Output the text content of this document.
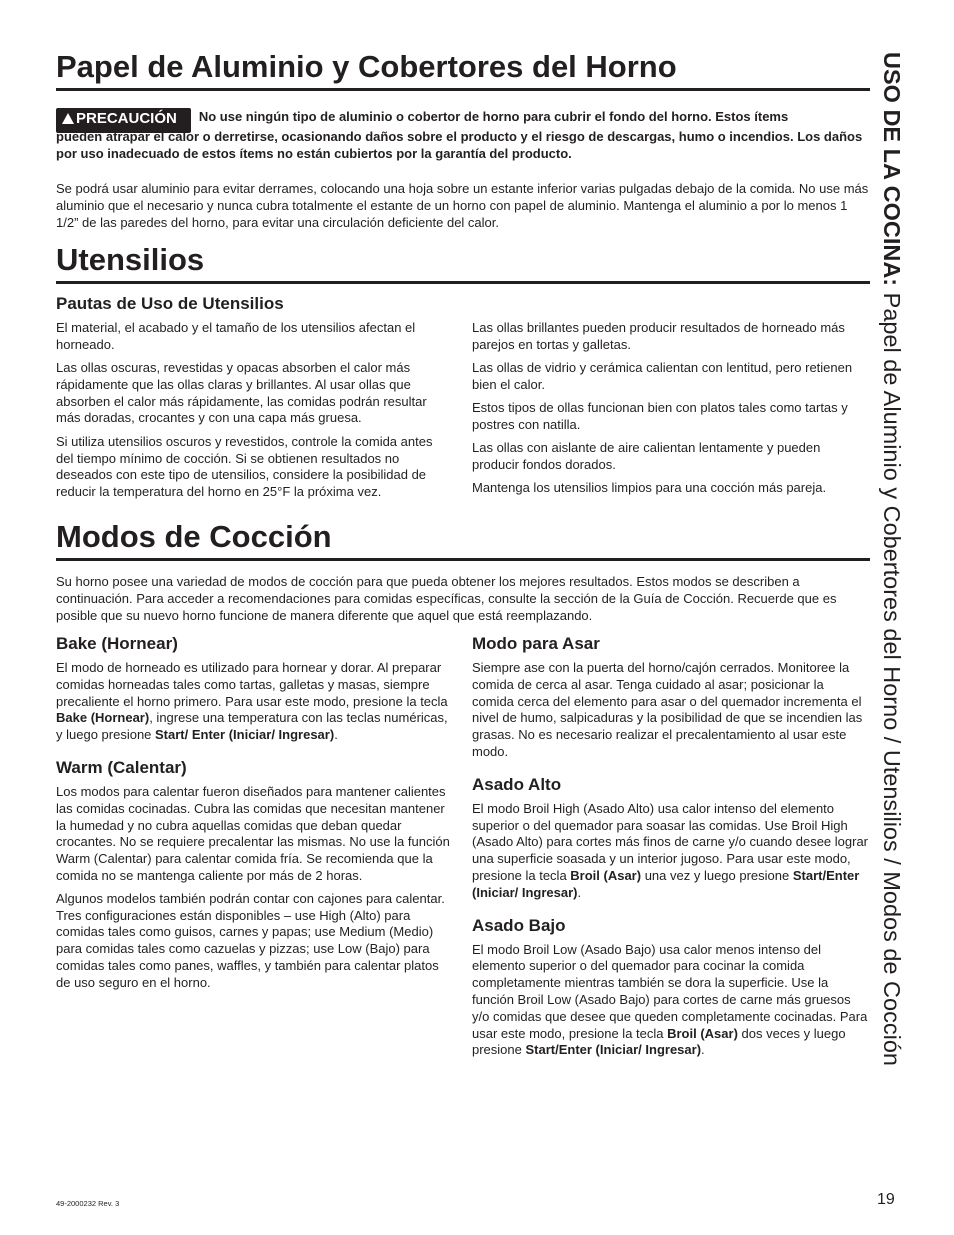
Papel de Aluminio y Cobertores del Horno
PRECAUCIÓN No use ningún tipo de aluminio o cobertor de horno para cubrir el fondo del horno. Estos ítems

pueden atrapar el calor o derretirse, ocasionando daños sobre el producto y el riesgo de descargas, humo o incendios. Los daños por uso inadecuado de estos ítems no están cubiertos por la garantía del producto.

Se podrá usar aluminio para evitar derrames, colocando una hoja sobre un estante inferior varias pulgadas debajo de la comida. No use más aluminio que el necesario y nunca cubra totalmente el estante de un horno con papel de aluminio. Mantenga el aluminio a por lo menos 1 1/2” de las paredes del horno, para evitar una circulación deficiente del calor.

Utensilios
Pautas de Uso de Utensilios

El material, el acabado y el tamaño de los utensilios afectan el horneado.

Las ollas oscuras, revestidas y opacas absorben el calor más rápidamente que las ollas claras y brillantes. Al usar ollas que absorben el calor más rápidamente, las comidas podrán resultar más doradas, crocantes y con una capa más gruesa.

Si utiliza utensilios oscuros y revestidos, controle la comida antes del tiempo mínimo de cocción. Si se obtienen resultados no deseados con este tipo de utensilios, considere la posibilidad de reducir la temperatura del horno en 25°F la próxima vez.

Las ollas brillantes pueden producir resultados de horneado más parejos en tortas y galletas.

Las ollas de vidrio y cerámica calientan con lentitud, pero retienen bien el calor.

Estos tipos de ollas funcionan bien con platos tales como tartas y postres con natilla.

Las ollas con aislante de aire calientan lentamente y pueden producir fondos dorados.

Mantenga los utensilios limpios para una cocción más pareja.

Modos de Cocción

Su horno posee una variedad de modos de cocción para que pueda obtener los mejores resultados. Estos modos se describen a continuación. Para acceder a recomendaciones para comidas específicas, consulte la sección de la Guía de Cocción. Recuerde que es posible que su nuevo horno funcione de manera diferente que aquel que está reemplazando.

Bake (Hornear)

El modo de horneado es utilizado para hornear y dorar. Al preparar comidas horneadas tales como tartas, galletas y masas, siempre precaliente el horno primero. Para usar este modo, presione la tecla Bake (Hornear), ingrese una temperatura con las teclas numéricas, y luego presione Start/ Enter (Iniciar/ Ingresar).

Warm (Calentar)

Los modos para calentar fueron diseñados para mantener calientes las comidas cocinadas. Cubra las comidas que necesitan mantener la humedad y no cubra aquellas comidas que deban quedar crocantes. No se requiere precalentar las mismas. No use la función Warm (Calentar) para calentar comida fría. Se recomienda que la comida no se mantenga caliente por más de 2 horas.

Algunos modelos también podrán contar con cajones para calentar. Tres configuraciones están disponibles – use High (Alto) para comidas tales como guisos, carnes y papas; use Medium (Medio) para comidas tales como cazuelas y pizzas; use Low (Bajo) para comidas tales como panes, waffles, y también para calentar platos de uso seguro en el horno.

Modo para Asar

Siempre ase con la puerta del horno/cajón cerrados. Monitoree la comida de cerca al asar. Tenga cuidado al asar; posicionar la comida cerca del elemento para asar o del quemador incrementa el nivel de humo, salpicaduras y la posibilidad de que se incendien las grasas. No es necesario realizar el precalentamiento al usar este modo.

Asado Alto

El modo Broil High (Asado Alto) usa calor intenso del elemento superior o del quemador para soasar las comidas. Use Broil High (Asado Alto) para cortes más finos de carne y/o cuando desee lograr una superficie soasada y un interior jugoso. Para usar este modo, presione la tecla Broil (Asar) una vez y luego presione Start/Enter (Iniciar/ Ingresar).

Asado Bajo

El modo Broil Low (Asado Bajo) usa calor menos intenso del elemento superior o del quemador para cocinar la comida completamente mientras también se dora la superficie. Use la función Broil Low (Asado Bajo) para cortes de carne más gruesos y/o comidas que desee que queden completamente cocinadas. Para usar este modo, presione la tecla Broil (Asar) dos veces y luego presione Start/Enter (Iniciar/ Ingresar).

USO DE LA COCINA: Papel de Aluminio y Cobertores del Horno / Utensilios / Modos de Cocción
49-2000232 Rev. 3	19
